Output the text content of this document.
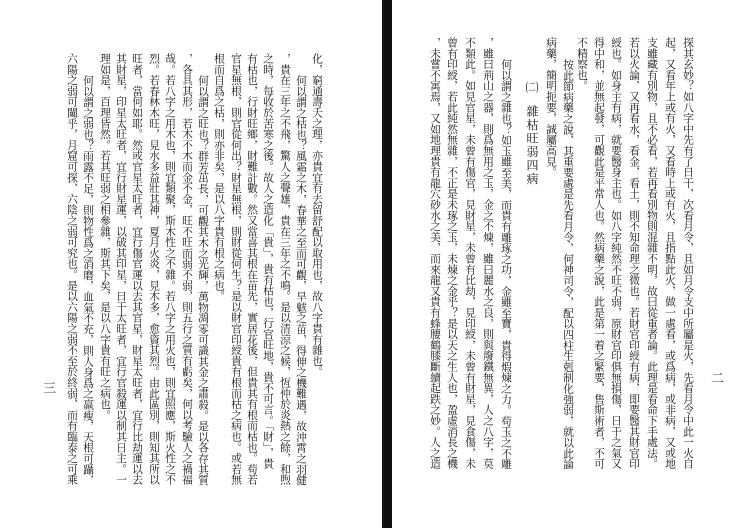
化，窮通壽夭之理，亦貴宜有去留舒配以取用也，故八字貴有雜也。
何以謂之枯也？風霜之木，春華之至而可觀，旱魃之苗，得伸之機難遇，故沖霄之羽健
，貴在三年之不飛，驚人之聲雄，貴在三年之不鳴。是以清涼之候，恆仲於炎熱之餘，和煦
之時，每收於苦寒之後。故人之造化「貴」，貴有枯也，行官旺地，貴不可言。「財」，貴
有枯也，行財旺鄉，財難計數。然又當喜其根在苗先，實居花後，但貴其有根而枯也。苟若
官星無根，則官從何出？財星無根，則財從何生？是以財官印綬貴有根而枯之病也。或若無
根而自爲之枯，則亦非矣，是以八字貴有根之病也。
何以謂之旺也？群芳茁長，可觀其木之光輝，萬物凋零可識其金之肅殺。是以各存其質
，各具其形，若木不木而金不金，旺不旺而弱不弱，則五行之質有虧矣，何以考驗人之禍福
哉。若八字之用木也，則宜類聚，斯木性之不雜。若八字之用火也，則宜照應，斯火性之不
烈。若春林木旺，見水多益壯其神，夏月火炎，見木多，愈資其烈。由此區別，則知其所以
旺者，當何如耶。然或官星太旺者，宜行傷官運以去其官星，財星太旺者，宜行比劫運以去
其財星，印星太旺者，宜行財星運，以破其印星，日干太旺者，宜行官殺運以制其日主。一
理如是，百理皆然。若其旺弱之相參雜，斯其下矣，是以八字貴有旺之病也。
何以謂之弱也？雨露不足，則物性爲之消磨，血氣不充，則人身爲之羸瘦，天根可躡，
六陽之弱可闚乎，月窟可探，六陰之弱可究也。是以六陽之弱不至於終弱，而有臨泰之可乘
三	探其玄妙？如八字中先有了日干，次看月令，且如月令支中所屬是火，先看月令中此一火自
起，又看年上或有火，又看時上或有火，且指點此火，做一處看，或爲病，或非病，又或地
支雖藏有別物，且不必看，若再看別物則混雜不明，故曰從重者論。此理是看命下手處法。
若以火論，又再看水，看金，看土，則不知命理之微也。若財官印綬有病，即要醫其財官印
綬也。如身主有病，就要醫身主也。如八字純然不旺不弱，原財官印俱無損傷，日干之氣又
得中和，並無起發，可觀此是平常人也。然病藥之說，此是第一着之緊要，售斯術者，不可
不精察也。
按此節病藥之說，其重要處是先看月令，何神司令，配以四柱生剋制化強弱，就以此論
病藥，簡明扼要，誠屬高見。
(二)
雜枯旺弱四病
何以謂之雜也？如玉雖至美，而貴有雕琢之功，金雖至寶，貴得煆煉之力。苟玉之不雕
，雖曰荊山之器，則爲無用之玉，金之不煉，雖曰麗水之良，則與廢鐵無異，人之八字，莫
不類此。如見官星，未曾有傷官，見財星，未曾有比劫，見印綬，未曾有財星，見食傷，未
曾有印綬，若此純然無雜，不正是未琢之玉，未煉之金乎？是以天之生人也，盈虛消長之機
，未嘗不寓焉，又如地理貴有龍穴砂水之美，而來龍又貴有蜂腰鶴膝斷續起跌之妙。人之造	二
